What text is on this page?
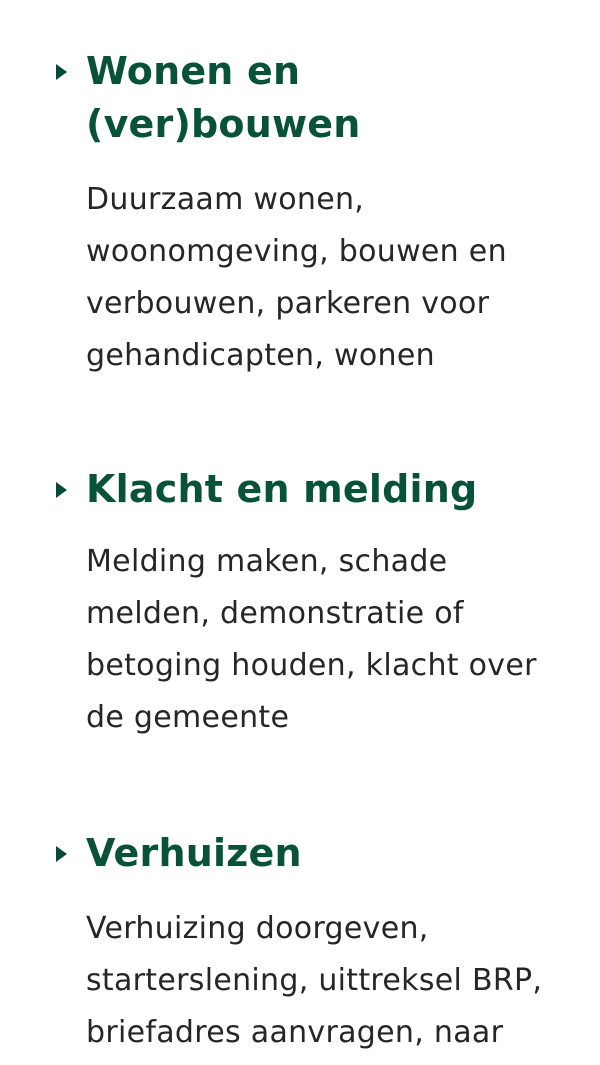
Wonen en
(ver)bouwen

Duurzaam wonen, woonomgeving, bouwen en verbouwen, parkeren voor gehandicapten, wonen

Klacht en melding

Melding maken, schade melden, demonstratie of betoging houden, klacht over de gemeente

Verhuizen

Verhuizing doorgeven, starterslening, uittreksel BRP, briefadres aanvragen, naar
